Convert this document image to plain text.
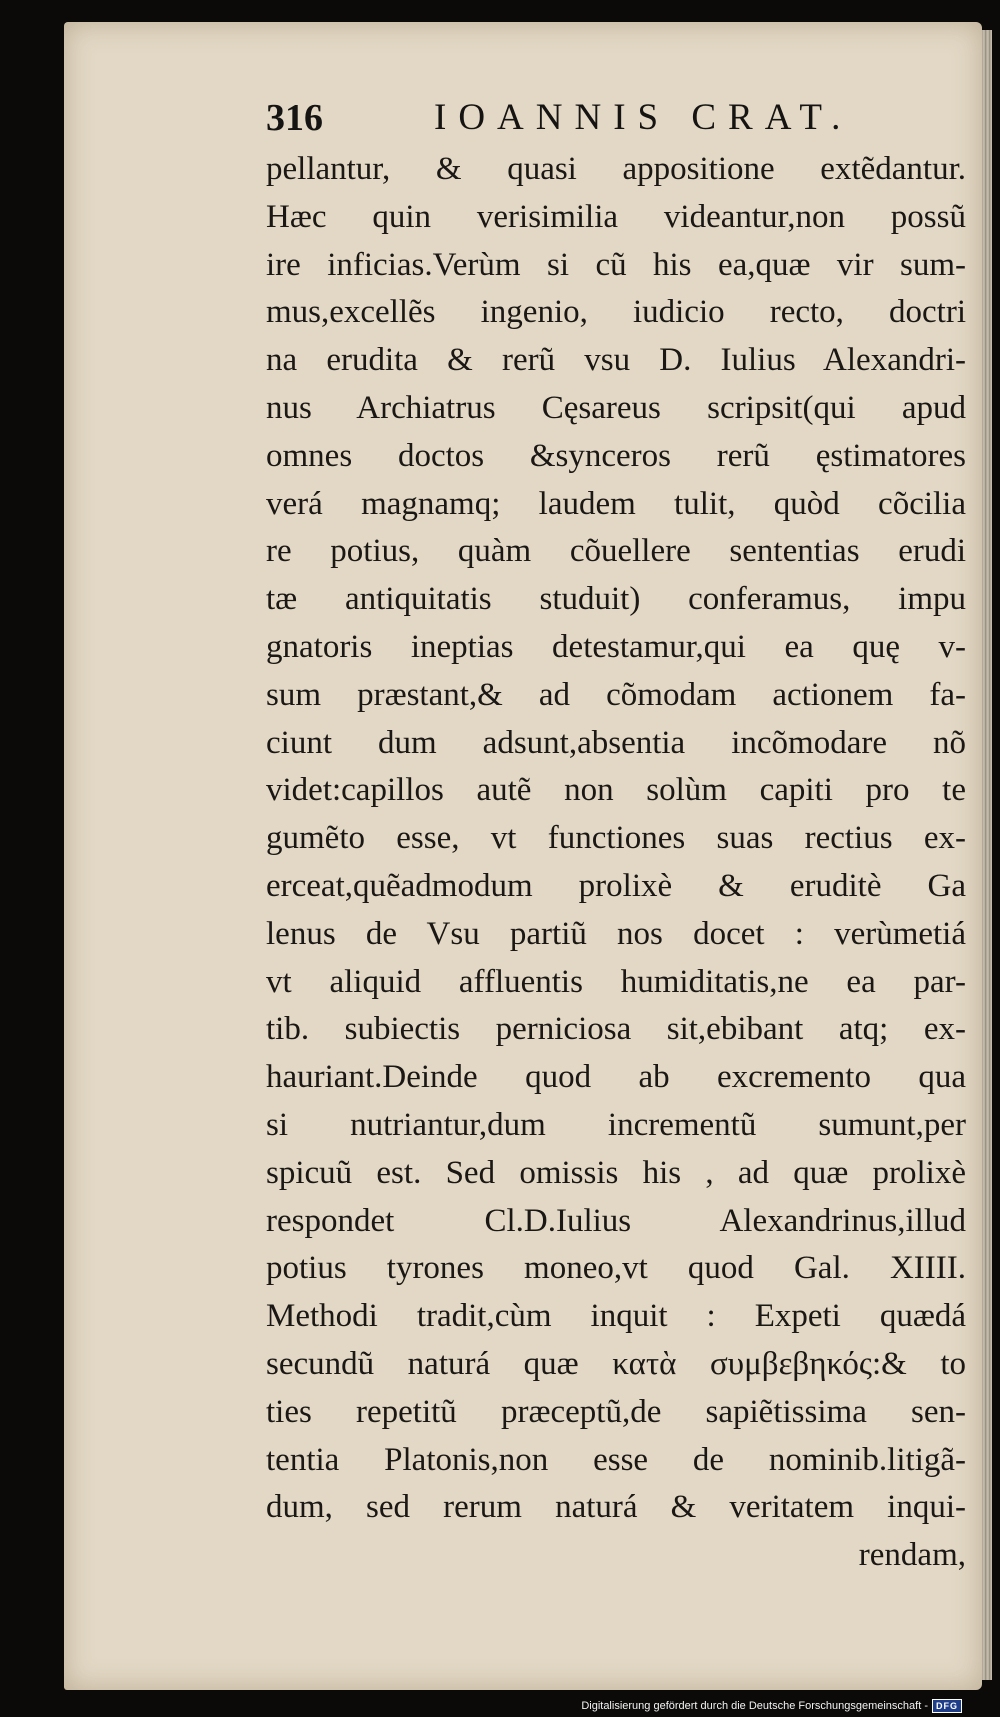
316	IOANNIS CRAT.
pellantur, & quasi appositione extẽdantur.
Hæc quin verisimilia videantur,non possũ
ire inficias.Verùm si cũ his ea,quæ vir sum-
mus,excellẽs ingenio, iudicio recto, doctri
na erudita & rerũ vsu D. Iulius Alexandri-
nus Archiatrus Cęsareus scripsit(qui apud
omnes doctos &synceros rerũ ęstimatores
verá magnamq; laudem tulit, quòd cõcilia
re potius, quàm cõuellere sententias erudi
tæ antiquitatis studuit) conferamus, impu
gnatoris ineptias detestamur,qui ea quę v-
sum præstant,& ad cõmodam actionem fa-
ciunt dum adsunt,absentia incõmodare nõ
videt:capillos autẽ non solùm capiti pro te
gumẽto esse, vt functiones suas rectius ex-
erceat,quẽadmodum prolixè & eruditè Ga
lenus de Vsu partiũ nos docet : verùmetiá
vt aliquid affluentis humiditatis,ne ea par-
tib. subiectis perniciosa sit,ebibant atq; ex-
hauriant.Deinde quod ab excremento qua
si nutriantur,dum incrementũ sumunt,per
spicuũ est. Sed omissis his , ad quæ prolixè
respondet Cl.D.Iulius Alexandrinus,illud
potius tyrones moneo,vt quod Gal. XIIII.
Methodi tradit,cùm inquit : Expeti quædá
secundũ naturá quæ κατὰ συμβεβηκός:& to
ties repetitũ præceptũ,de sapiẽtissima sen-
tentia Platonis,non esse de nominib.litigã-
dum, sed rerum naturá & veritatem inqui-
rendam,
Digitalisierung gefördert durch die Deutsche Forschungsgemeinschaft - DFG
